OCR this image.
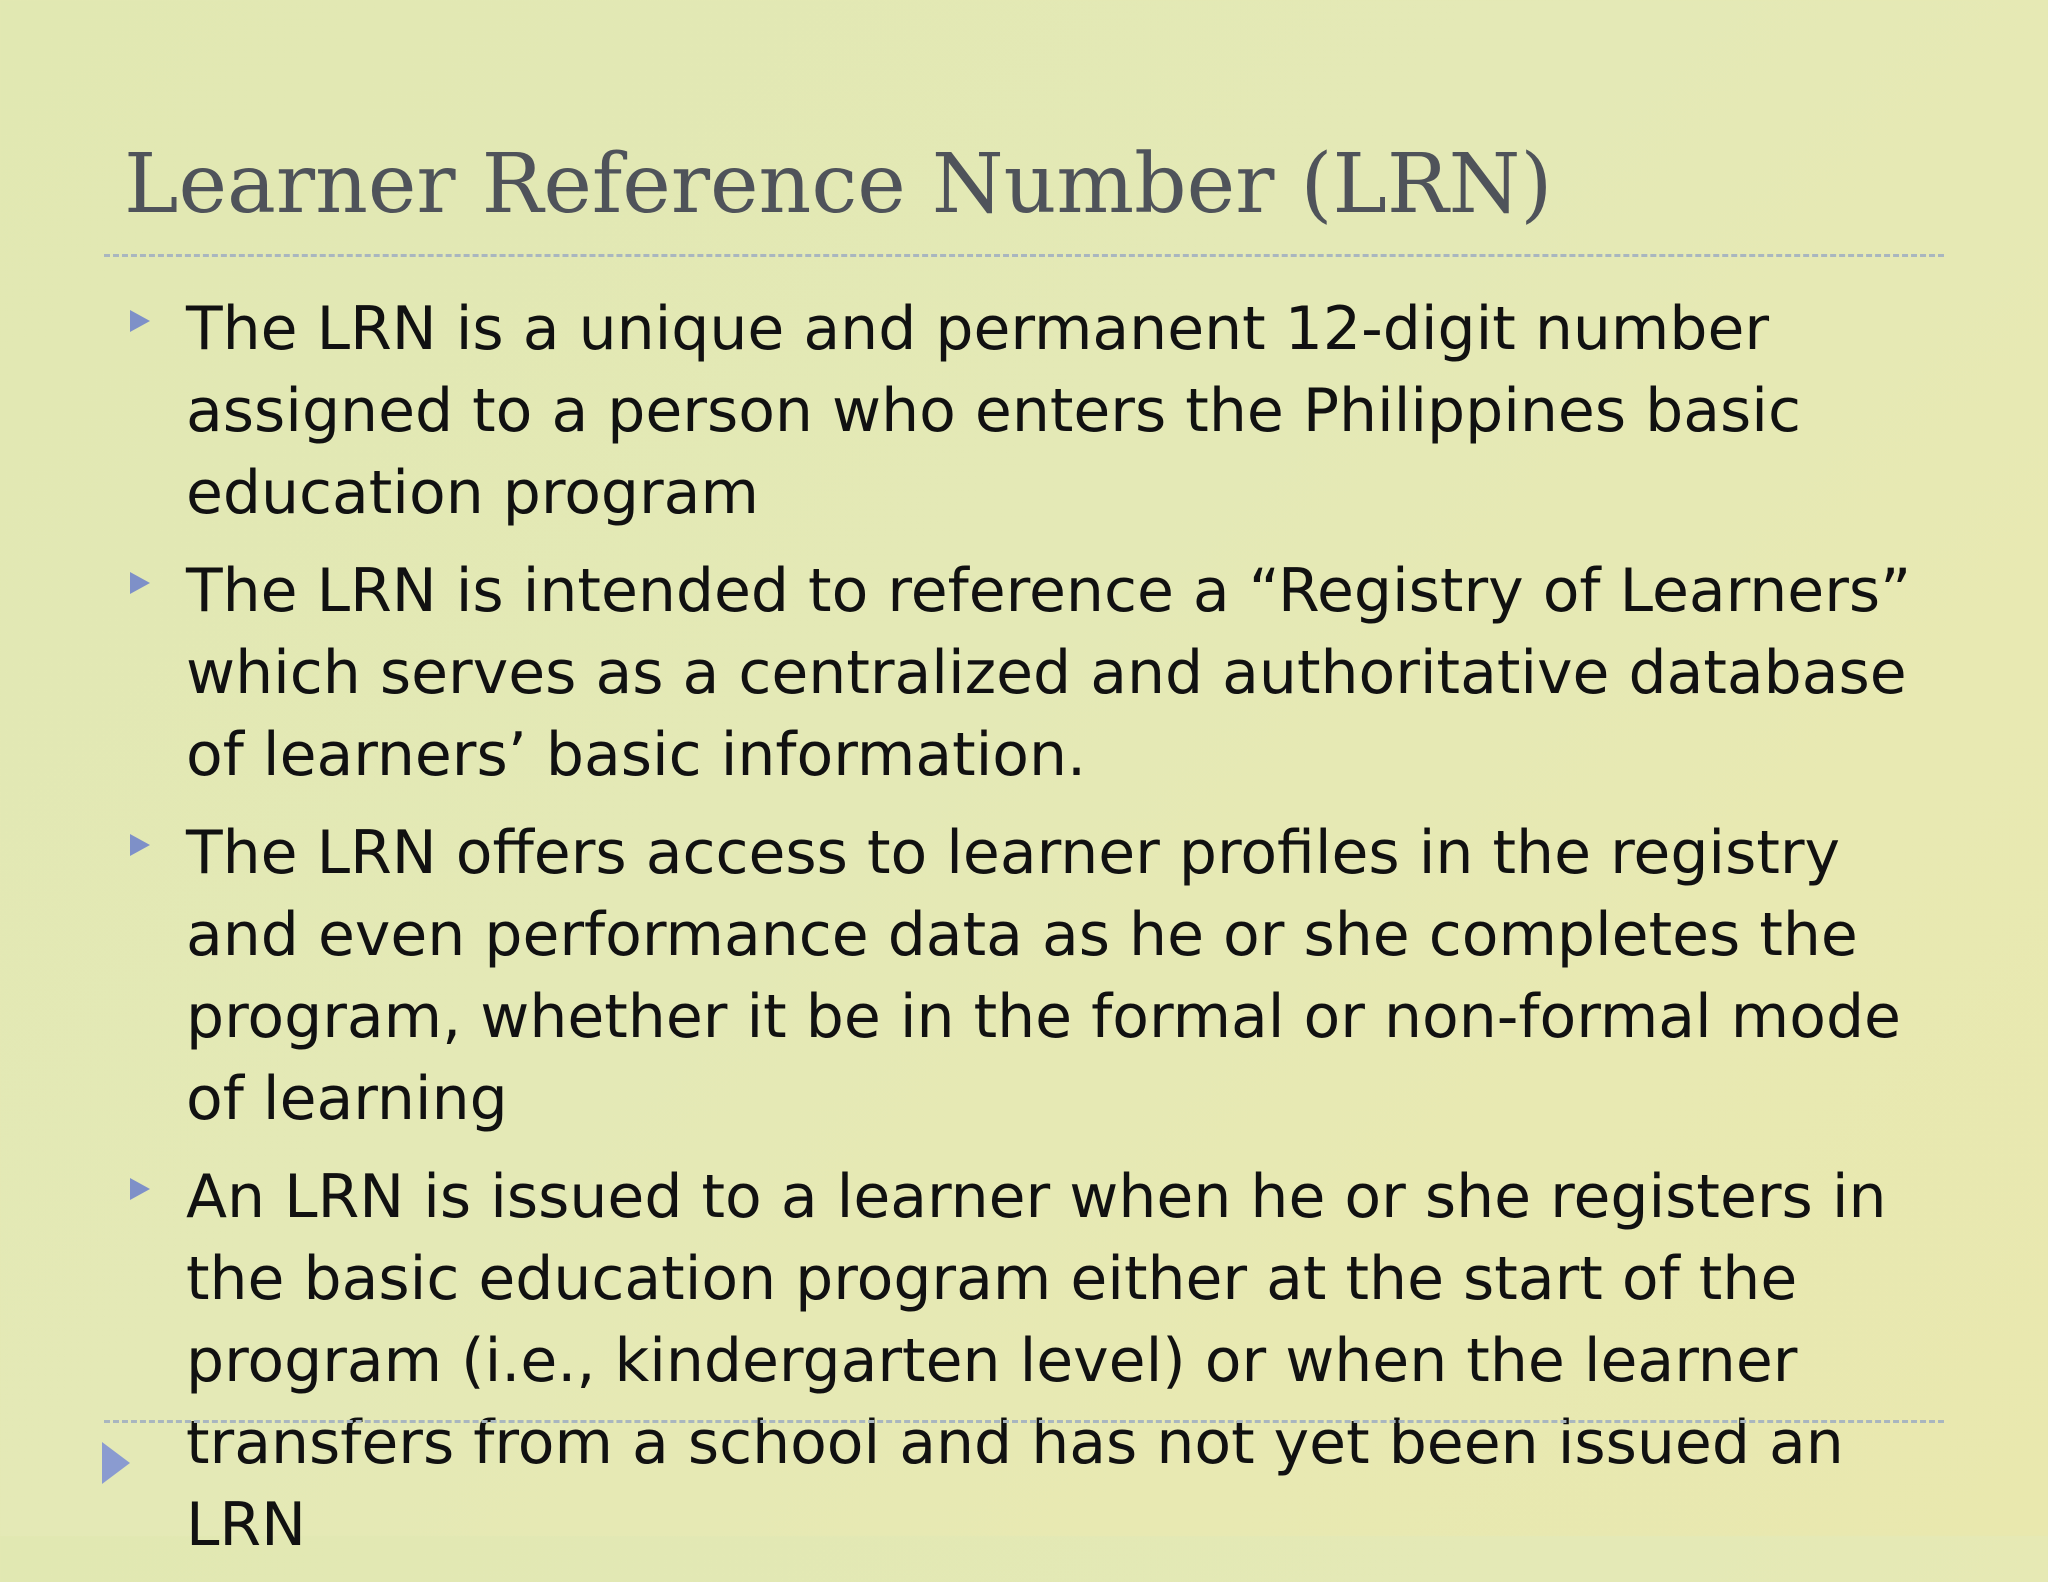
Learner Reference Number (LRN)
The LRN is a unique and permanent 12-digit number assigned to a person who enters the Philippines basic education program
The LRN is intended to reference a “Registry of Learners” which serves as a centralized and authoritative database of learners’ basic information.
The LRN offers access to learner profiles in the registry and even performance data as he or she completes the program, whether it be in the formal or non-formal mode of learning
An LRN is issued to a learner when he or she registers in the basic education program either at the start of the program (i.e., kindergarten level) or when the learner transfers from a school and has not yet been issued an LRN
